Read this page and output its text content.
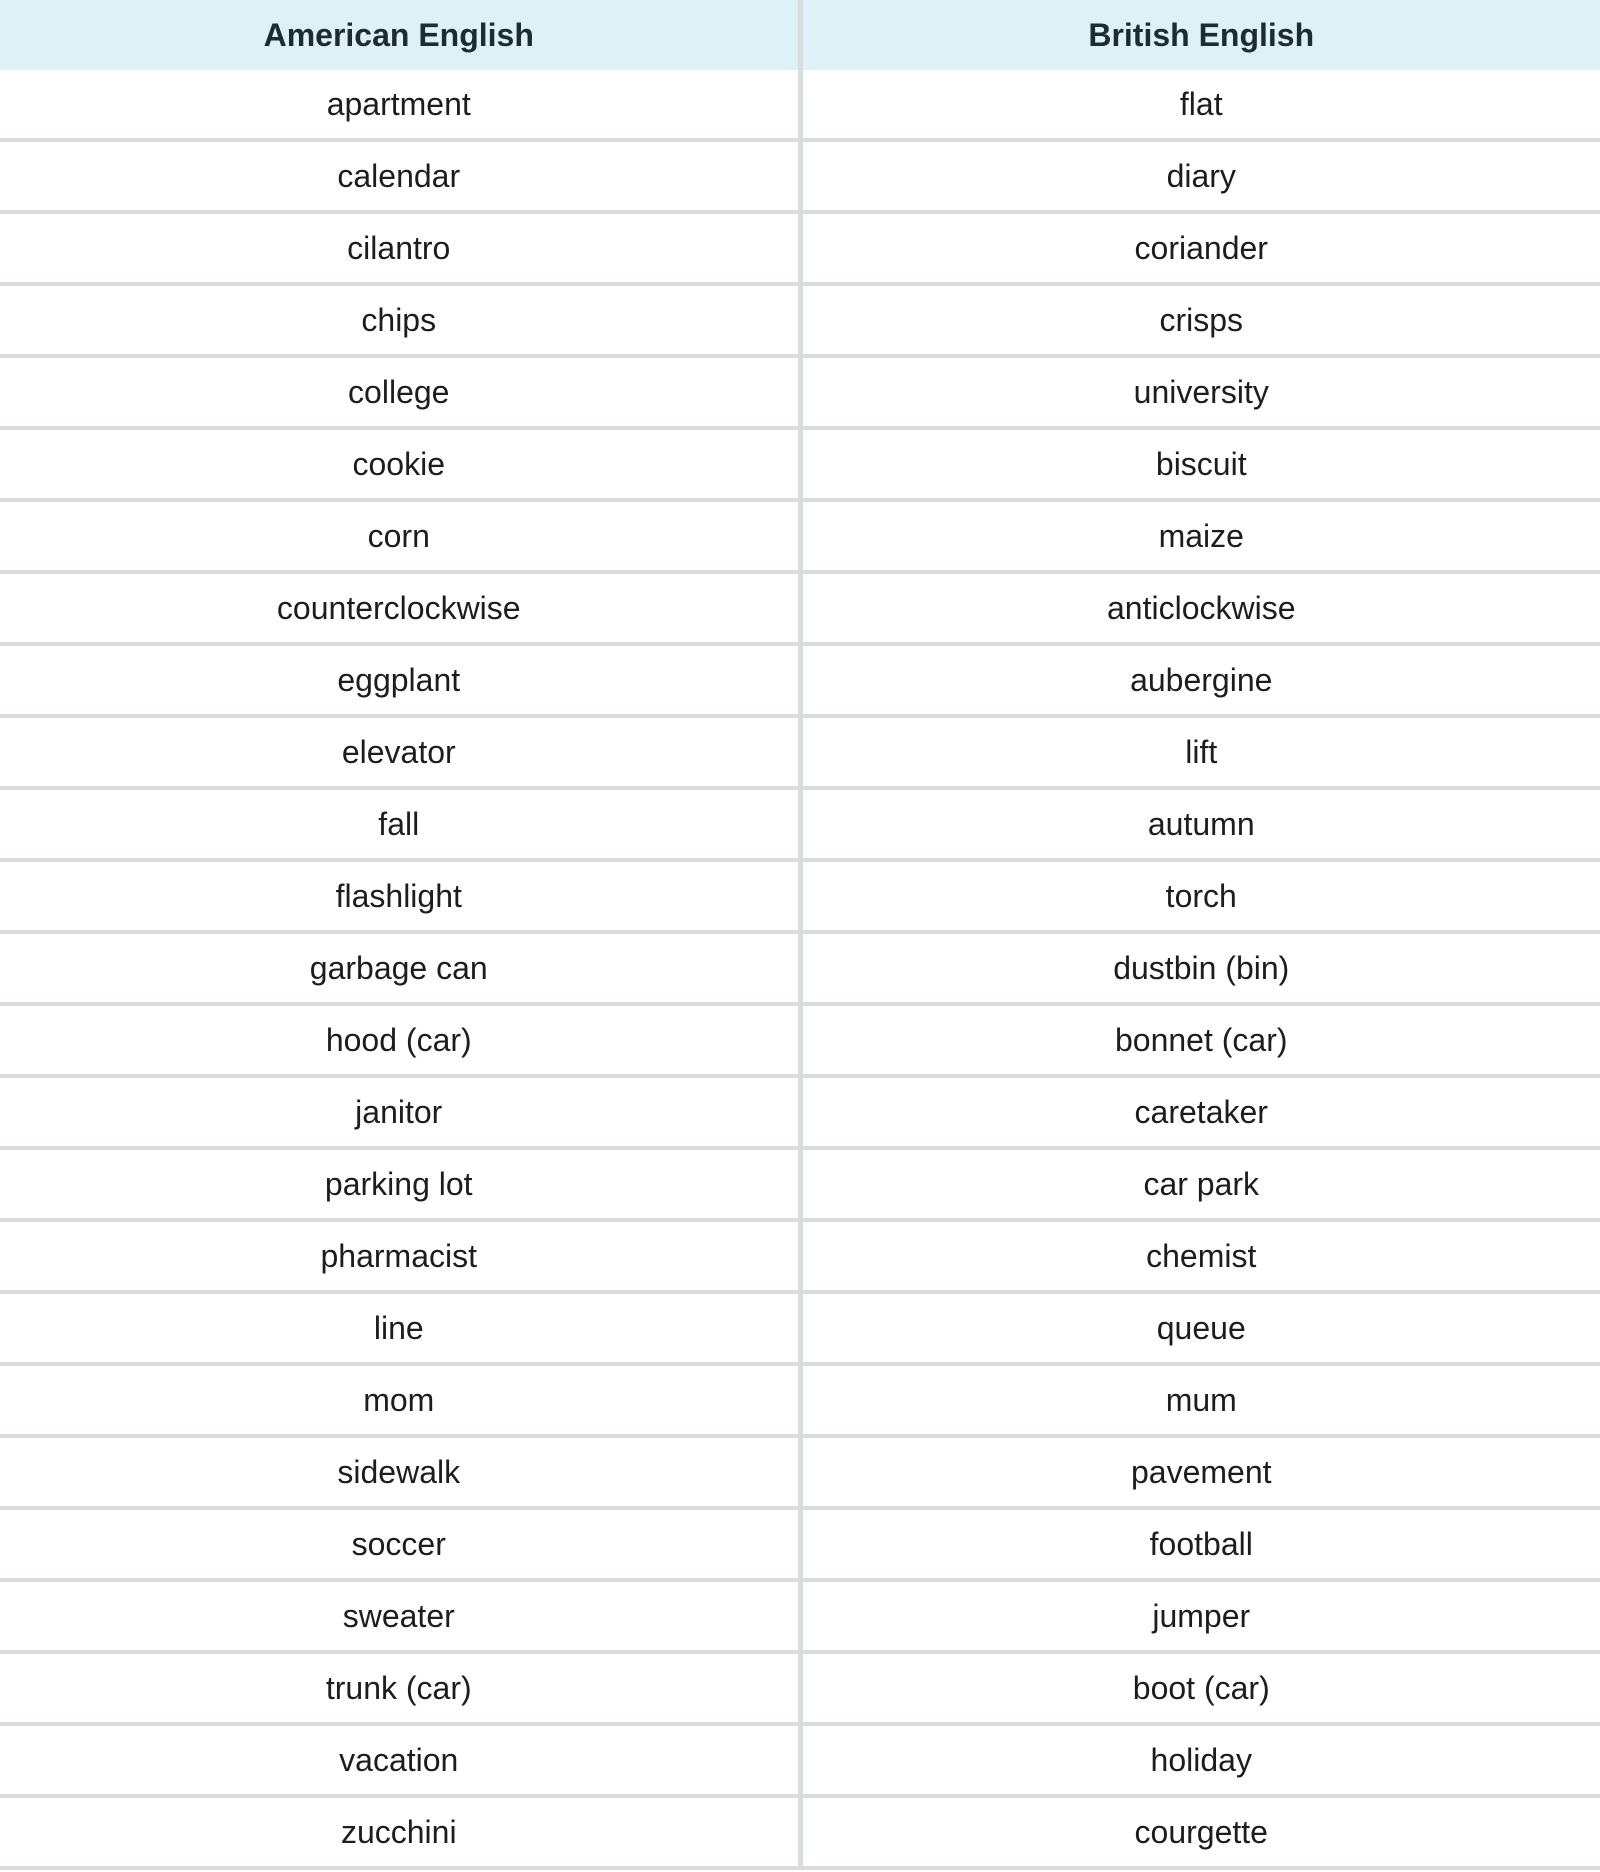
American English	British English
apartment	flat
calendar	diary
cilantro	coriander
chips	crisps
college	university
cookie	biscuit
corn	maize
counterclockwise	anticlockwise
eggplant	aubergine
elevator	lift
fall	autumn
flashlight	torch
garbage can	dustbin (bin)
hood (car)	bonnet (car)
janitor	caretaker
parking lot	car park
pharmacist	chemist
line	queue
mom	mum
sidewalk	pavement
soccer	football
sweater	jumper
trunk (car)	boot (car)
vacation	holiday
zucchini	courgette
